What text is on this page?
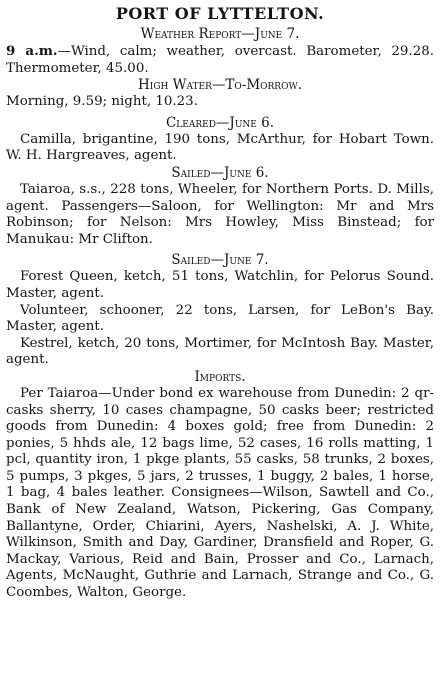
PORT OF LYTTELTON.
Weather Report—June 7.

9 a.m.—Wind, calm; weather, overcast. Barometer, 29.28. Thermometer, 45.00.

High Water—To-Morrow.

Morning, 9.59; night, 10.23.

Cleared—June 6.

Camilla, brigantine, 190 tons, McArthur, for Hobart Town. W. H. Hargreaves, agent.

Sailed—June 6.

Taiaroa, s.s., 228 tons, Wheeler, for Northern Ports. D. Mills, agent. Passengers—Saloon, for Wellington: Mr and Mrs Robinson; for Nelson: Mrs Howley, Miss Binstead; for Manukau: Mr Clifton.

Sailed—June 7.

Forest Queen, ketch, 51 tons, Watchlin, for Pelorus Sound. Master, agent.

Volunteer, schooner, 22 tons, Larsen, for LeBon's Bay. Master, agent.

Kestrel, ketch, 20 tons, Mortimer, for McIntosh Bay. Master, agent.

Imports.

Per Taiaroa—Under bond ex warehouse from Dunedin: 2 qr-casks sherry, 10 cases champagne, 50 casks beer; restricted goods from Dunedin: 4 boxes gold; free from Dunedin: 2 ponies, 5 hhds ale, 12 bags lime, 52 cases, 16 rolls matting, 1 pcl, quantity iron, 1 pkge plants, 55 casks, 58 trunks, 2 boxes, 5 pumps, 3 pkges, 5 jars, 2 trusses, 1 buggy, 2 bales, 1 horse, 1 bag, 4 bales leather. Consignees—Wilson, Sawtell and Co., Bank of New Zealand, Watson, Pickering, Gas Company, Ballantyne, Order, Chiarini, Ayers, Nashelski, A. J. White, Wilkinson, Smith and Day, Gardiner, Dransfield and Roper, G. Mackay, Various, Reid and Bain, Prosser and Co., Larnach, Agents, McNaught, Guthrie and Larnach, Strange and Co., G. Coombes, Walton, George.
